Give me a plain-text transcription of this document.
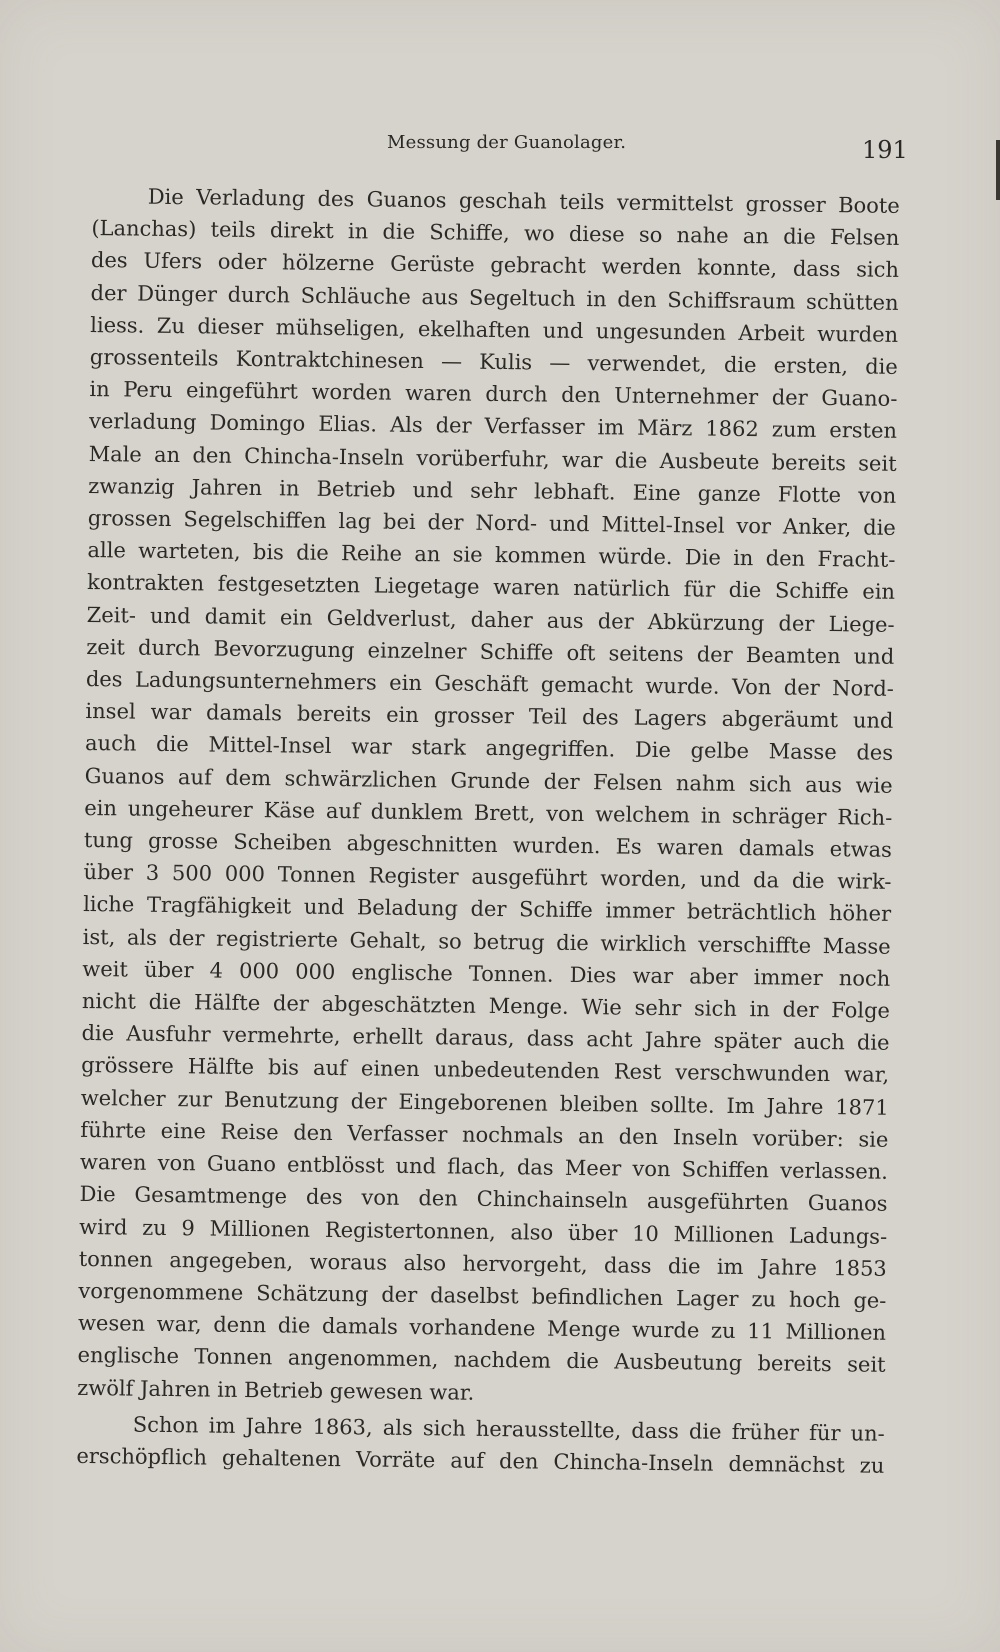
Messung der Guanolager.	191
Die Verladung des Guanos geschah teils vermittelst grosser Boote
(Lanchas) teils direkt in die Schiffe, wo diese so nahe an die Felsen
des Ufers oder hölzerne Gerüste gebracht werden konnte, dass sich
der Dünger durch Schläuche aus Segeltuch in den Schiffsraum schütten
liess. Zu dieser mühseligen, ekelhaften und ungesunden Arbeit wurden
grossenteils Kontraktchinesen — Kulis — verwendet, die ersten, die
in Peru eingeführt worden waren durch den Unternehmer der Guano-
verladung Domingo Elias. Als der Verfasser im März 1862 zum ersten
Male an den Chincha-Inseln vorüberfuhr, war die Ausbeute bereits seit
zwanzig Jahren in Betrieb und sehr lebhaft. Eine ganze Flotte von
grossen Segelschiffen lag bei der Nord- und Mittel-Insel vor Anker, die
alle warteten, bis die Reihe an sie kommen würde. Die in den Fracht-
kontrakten festgesetzten Liegetage waren natürlich für die Schiffe ein
Zeit- und damit ein Geldverlust, daher aus der Abkürzung der Liege-
zeit durch Bevorzugung einzelner Schiffe oft seitens der Beamten und
des Ladungsunternehmers ein Geschäft gemacht wurde. Von der Nord-
insel war damals bereits ein grosser Teil des Lagers abgeräumt und
auch die Mittel-Insel war stark angegriffen. Die gelbe Masse des
Guanos auf dem schwärzlichen Grunde der Felsen nahm sich aus wie
ein ungeheurer Käse auf dunklem Brett, von welchem in schräger Rich-
tung grosse Scheiben abgeschnitten wurden. Es waren damals etwas
über 3 500 000 Tonnen Register ausgeführt worden, und da die wirk-
liche Tragfähigkeit und Beladung der Schiffe immer beträchtlich höher
ist, als der registrierte Gehalt, so betrug die wirklich verschiffte Masse
weit über 4 000 000 englische Tonnen. Dies war aber immer noch
nicht die Hälfte der abgeschätzten Menge. Wie sehr sich in der Folge
die Ausfuhr vermehrte, erhellt daraus, dass acht Jahre später auch die
grössere Hälfte bis auf einen unbedeutenden Rest verschwunden war,
welcher zur Benutzung der Eingeborenen bleiben sollte. Im Jahre 1871
führte eine Reise den Verfasser nochmals an den Inseln vorüber: sie
waren von Guano entblösst und flach, das Meer von Schiffen verlassen.
Die Gesamtmenge des von den Chinchainseln ausgeführten Guanos
wird zu 9 Millionen Registertonnen, also über 10 Millionen Ladungs-
tonnen angegeben, woraus also hervorgeht, dass die im Jahre 1853
vorgenommene Schätzung der daselbst befindlichen Lager zu hoch ge-
wesen war, denn die damals vorhandene Menge wurde zu 11 Millionen
englische Tonnen angenommen, nachdem die Ausbeutung bereits seit
zwölf Jahren in Betrieb gewesen war.
Schon im Jahre 1863, als sich herausstellte, dass die früher für un-
erschöpflich gehaltenen Vorräte auf den Chincha-Inseln demnächst zu
